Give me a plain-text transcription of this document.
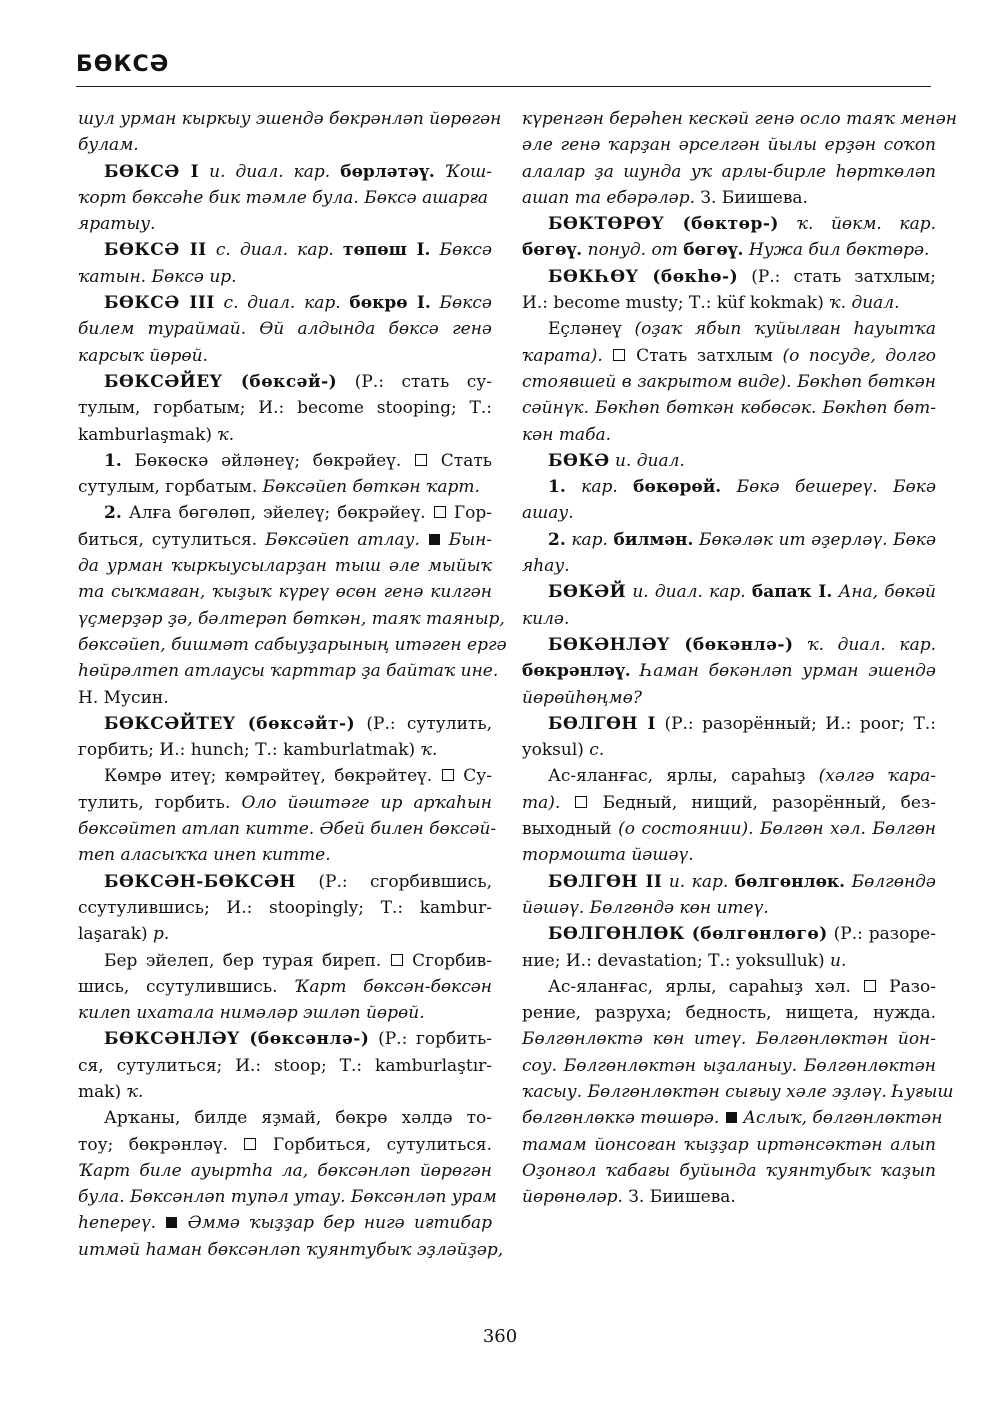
БӨКСӘ
шул урман кыркыу эшендә бөкрәнләп йөрөгән
булам.
БӨКСӘ I и. диал. кар. бөрләтәү. Ҡош-
ҡорт бөксәһе бик тәмле була. Бөксә ашарға
яратыу.
БӨКСӘ II с. диал. кар. төпөш I. Бөксә
ҡатын. Бөксә ир.
БӨКСӘ III с. диал. кар. бөкрө I. Бөксә
билем тураймай. Өй алдында бөксә генә
карсыҡ йөрөй.
БӨКСӘЙЕҮ (бөксәй-) (Р.: стать су-
тулым, горбатым; И.: become stooping; Т.:
kamburlaşmak) ҡ.
1. Бөкөскә әйләнеү; бөкрәйеү.  Стать
сутулым, горбатым. Бөксәйеп бөткән ҡарт.
2. Алға бөгөлөп, эйелеү; бөкрәйеү.  Гор-
биться, сутулиться. Бөксәйеп атлау. Бын-
да урман ҡыркыусыларҙан тыш әле мыйыҡ
та сыҡмаған, ҡыҙыҡ күреү өсөн генә килгән
үҫмерҙәр ҙә, бәлтерәп бөткән, таяҡ таяныр,
бөксәйеп, бишмәт сабыуҙарының итәген ергә
һөйрәлтеп атлаусы ҡарттар ҙа байтаҡ ине.
Н. Мусин.
БӨКСӘЙТЕҮ (бөксәйт-) (Р.: сутулить,
горбить; И.: hunch; Т.: kamburlatmak) ҡ.
Көмрө итеү; көмрәйтеү, бөкрәйтеү.  Су-
тулить, горбить. Оло йәштәге ир арҡаһын
бөксәйтеп атлап китте. Әбей билен бөксәй-
теп аласыҡҡа инеп китте.
БӨКСӘН-БӨКСӘН (Р.: сгорбившись,
ссутулившись; И.: stoopingly; Т.: kambur-
laşarak) р.
Бер эйелеп, бер турая биреп.  Сгорбив-
шись, ссутулившись. Ҡарт бөксән-бөксән
килеп ихатала нимәләр эшләп йөрөй.
БӨКСӘНЛӘҮ (бөксәнлә-) (Р.: горбить-
ся, сутулиться; И.: stoop; Т.: kamburlaştır-
mak) ҡ.
Арҡаны, билде яҙмай, бөкрө хәлдә то-
тоу; бөкрәнләү.  Горбиться, сутулиться.
Ҡарт биле ауыртһа ла, бөксәнләп йөрөгән
була. Бөксәнләп тупәл утау. Бөксәнләп урам
һепереү. Әммә ҡыҙҙар бер нигә иғтибар
итмәй һаман бөксәнләп ҡуянтубыҡ эҙләйҙәр,
күренгән берәһен кескәй генә осло таяҡ менән
әле генә ҡарҙан әрселгән йылы ерҙән соҡоп
алалар ҙа шунда уҡ арлы-бирле һөрткөләп
ашап та ебәрәләр. З. Биишева.
БӨКТӨРӨҮ (бөктөр-) ҡ. йөкм. кар.
бөгөү. понуд. от бөгөү. Нужа бил бөктөрә.
БӨКҺӨҮ (бөкһө-) (Р.: стать затхлым;
И.: become musty; Т.: küf kokmak) ҡ. диал.
Еҫләнеү (оҙаҡ ябып ҡуйылған һауытҡа
ҡарата).  Стать затхлым (о посуде, долго
стоявшей в закрытом виде). Бөкһөп бөткән
сәйнүк. Бөкһөп бөткән көбөсәк. Бөкһөп бөт-
кән таба.
БӨКӘ и. диал.
1. кар. бөкөрөй. Бөкә бешереү. Бөкә
ашау.
2. кар. билмән. Бөкәләк ит әҙерләү. Бөкә
яһау.
БӨКӘЙ и. диал. кар. бапаҡ I. Ана, бөкәй
килә.
БӨКӘНЛӘҮ (бөкәнлә-) ҡ. диал. кар.
бөкрәнләү. Һаман бөкәнләп урман эшендә
йөрөйһөңмө?
БӨЛГӨН I (Р.: разорённый; И.: poor; Т.:
yoksul) с.
Ас-яланғас, ярлы, сараһыҙ (хәлгә ҡара-
та).  Бедный, нищий, разорённый, без-
выходный (о состоянии). Бөлгөн хәл. Бөлгөн
тормошта йәшәү.
БӨЛГӨН II и. кар. бөлгөнлөк. Бөлгөндә
йәшәү. Бөлгөндә көн итеү.
БӨЛГӨНЛӨК (бөлгөнлөгө) (Р.: разоре-
ние; И.: devastation; Т.: yoksulluk) и.
Ас-яланғас, ярлы, сараһыҙ хәл.  Разо-
рение, разруха; бедность, нищета, нужда.
Бөлгөнлөктә көн итеү. Бөлгөнлөктән йон-
соу. Бөлгөнлөктән ыҙаланыу. Бөлгөнлөктән
ҡасыу. Бөлгөнлөктән сығыу хәле эҙләү. Һуғыш
бөлгөнлөккә төшөрә. Аслыҡ, бөлгөнлөктән
тамам йонсоған ҡыҙҙар иртәнсәктән алып
Оҙонғол ҡабағы буйында ҡуянтубыҡ ҡаҙып
йөрөнөләр. З. Биишева.
360
